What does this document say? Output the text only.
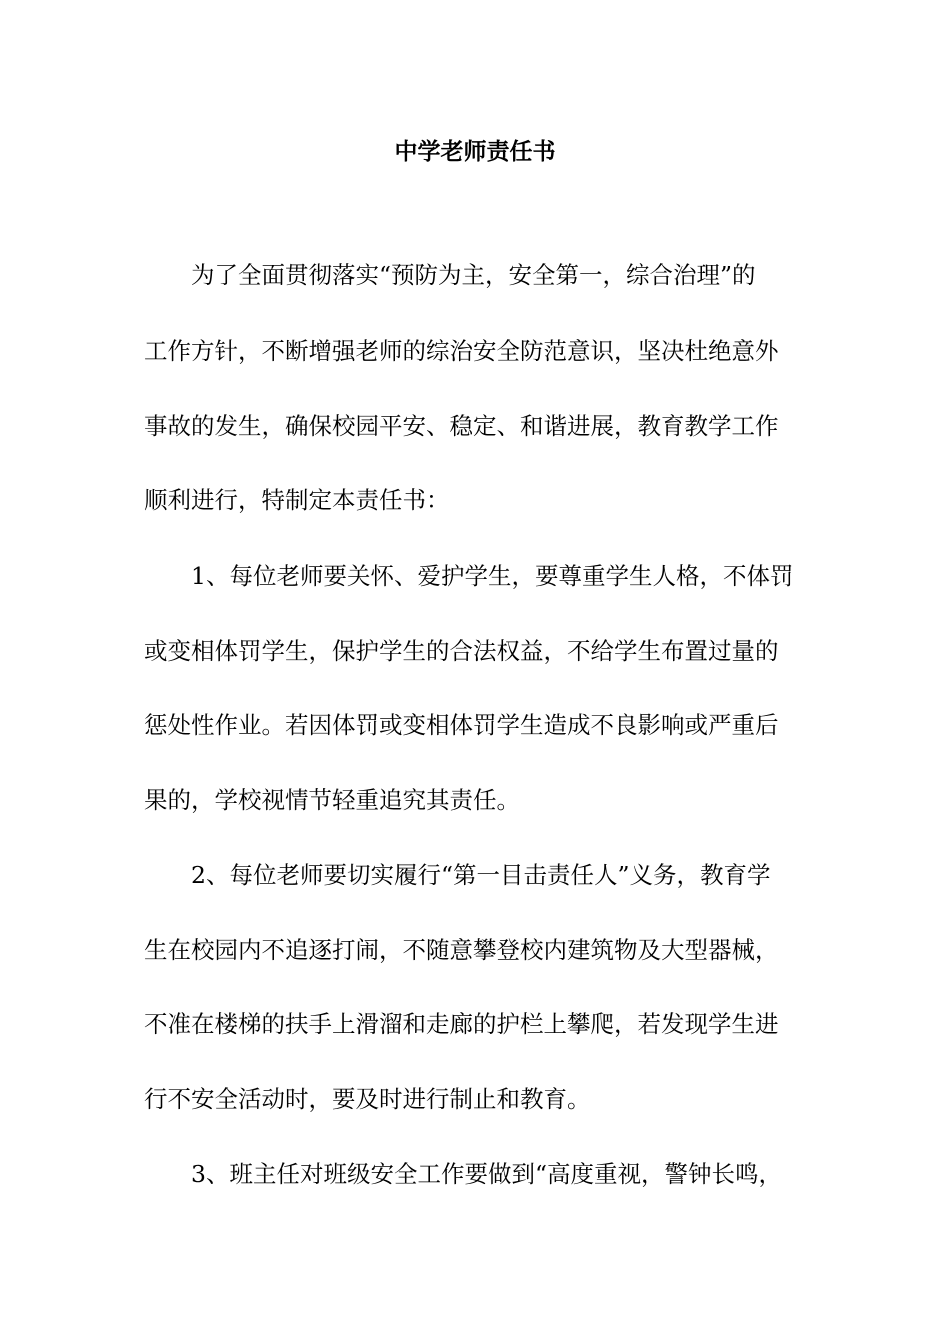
中学老师责任书
为了全面贯彻落实“预防为主，安全第一，综合治理”的
工作方针，不断增强老师的综治安全防范意识，坚决杜绝意外
事故的发生，确保校园平安、稳定、和谐进展，教育教学工作
顺利进行，特制定本责任书：
1、每位老师要关怀、爱护学生，要尊重学生人格，不体罚
或变相体罚学生，保护学生的合法权益，不给学生布置过量的
惩处性作业。若因体罚或变相体罚学生造成不良影响或严重后
果的，学校视情节轻重追究其责任。
2、每位老师要切实履行“第一目击责任人”义务，教育学
生在校园内不追逐打闹，不随意攀登校内建筑物及大型器械，
不准在楼梯的扶手上滑溜和走廊的护栏上攀爬，若发现学生进
行不安全活动时，要及时进行制止和教育。
3、班主任对班级安全工作要做到“高度重视，警钟长鸣，
